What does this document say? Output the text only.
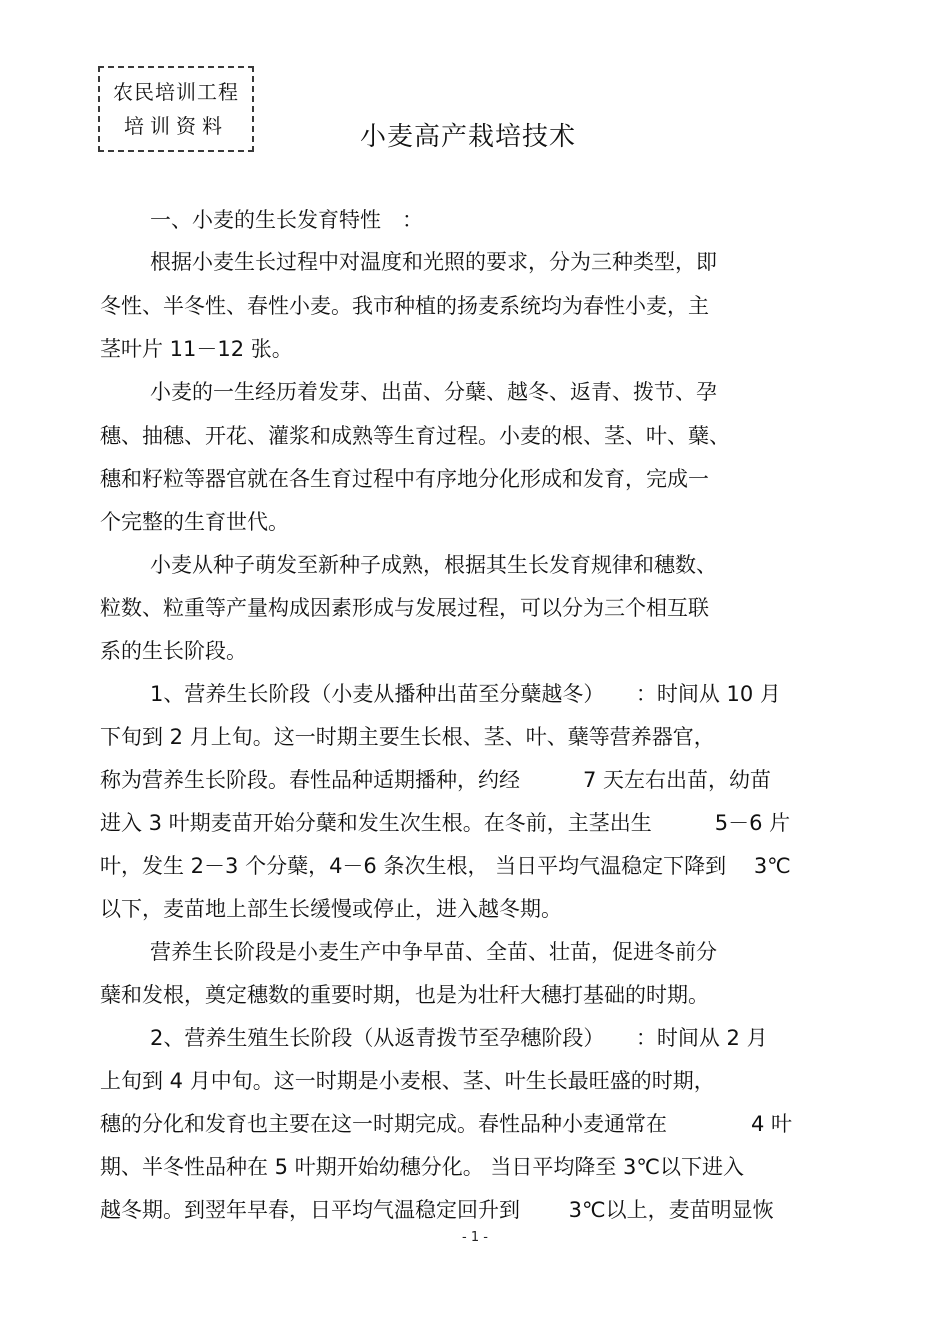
农民培训工程
培训资料	小麦高产栽培技术
一、小麦的生长发育特性　：
根据小麦生长过程中对温度和光照的要求，分为三种类型，即
冬性、半冬性、春性小麦。我市种植的扬麦系统均为春性小麦，主
茎叶片 11－12 张。
小麦的一生经历着发芽、出苗、分蘖、越冬、返青、拨节、孕
穗、抽穗、开花、灌浆和成熟等生育过程。小麦的根、茎、叶、蘖、
穗和籽粒等器官就在各生育过程中有序地分化形成和发育，完成一
个完整的生育世代。
小麦从种子萌发至新种子成熟，根据其生长发育规律和穗数、
粒数、粒重等产量构成因素形成与发展过程，可以分为三个相互联
系的生长阶段。
1、营养生长阶段（小麦从播种出苗至分蘖越冬）　　：时间从 10 月
下旬到 2 月上旬。这一时期主要生长根、茎、叶、蘖等营养器官，
称为营养生长阶段。春性品种适期播种，约经　　　7 天左右出苗，幼苗
进入 3 叶期麦苗开始分蘖和发生次生根。在冬前，主茎出生　　　5－6 片
叶，发生 2－3 个分蘖，4－6 条次生根， 当日平均气温稳定下降到　 3℃
以下，麦苗地上部生长缓慢或停止，进入越冬期。
营养生长阶段是小麦生产中争早苗、全苗、壮苗，促进冬前分
蘖和发根，奠定穗数的重要时期，也是为壮秆大穗打基础的时期。
2、营养生殖生长阶段（从返青拨节至孕穗阶段）　　：时间从 2 月
上旬到 4 月中旬。这一时期是小麦根、茎、叶生长最旺盛的时期，
穗的分化和发育也主要在这一时期完成。春性品种小麦通常在　　　　4 叶
期、半冬性品种在 5 叶期开始幼穗分化。 当日平均降至 3℃以下进入
越冬期。到翌年早春，日平均气温稳定回升到　　 3℃以上，麦苗明显恢
- 1 -
